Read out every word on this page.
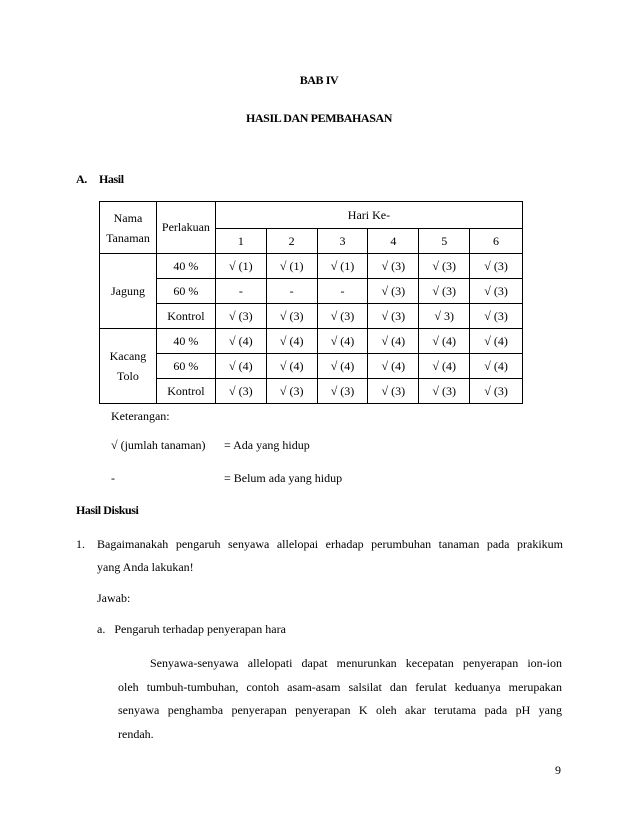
BAB IV
HASIL DAN PEMBAHASAN
A. Hasil
Nama
Tanaman	Perlakuan	Hari Ke-					
		1	2	3	4	5	6
Jagung	40 %	√ (1)	√ (1)	√ (1)	√ (3)	√ (3)	√ (3)
	60 %	-	-	-	√ (3)	√ (3)	√ (3)
	Kontrol	√ (3)	√ (3)	√ (3)	√ (3)	√ 3)	√ (3)
Kacang
Tolo	40 %	√ (4)	√ (4)	√ (4)	√ (4)	√ (4)	√ (4)
	60 %	√ (4)	√ (4)	√ (4)	√ (4)	√ (4)	√ (4)
	Kontrol	√ (3)	√ (3)	√ (3)	√ (3)	√ (3)	√ (3)
Keterangan:
√ (jumlah tanaman) = Ada yang hidup
-	= Belum ada yang hidup
Hasil Diskusi
1. Bagaimanakah pengaruh senyawa allelopai erhadap perumbuhan tanaman pada prakikum
yang Anda lakukan!
Jawab:
a.   Pengaruh terhadap penyerapan hara
Senyawa-senyawa allelopati dapat menurunkan kecepatan penyerapan ion-ion
oleh tumbuh-tumbuhan, contoh asam-asam salsilat dan ferulat keduanya merupakan
senyawa penghamba penyerapan penyerapan K oleh akar terutama pada pH yang
rendah.
9
